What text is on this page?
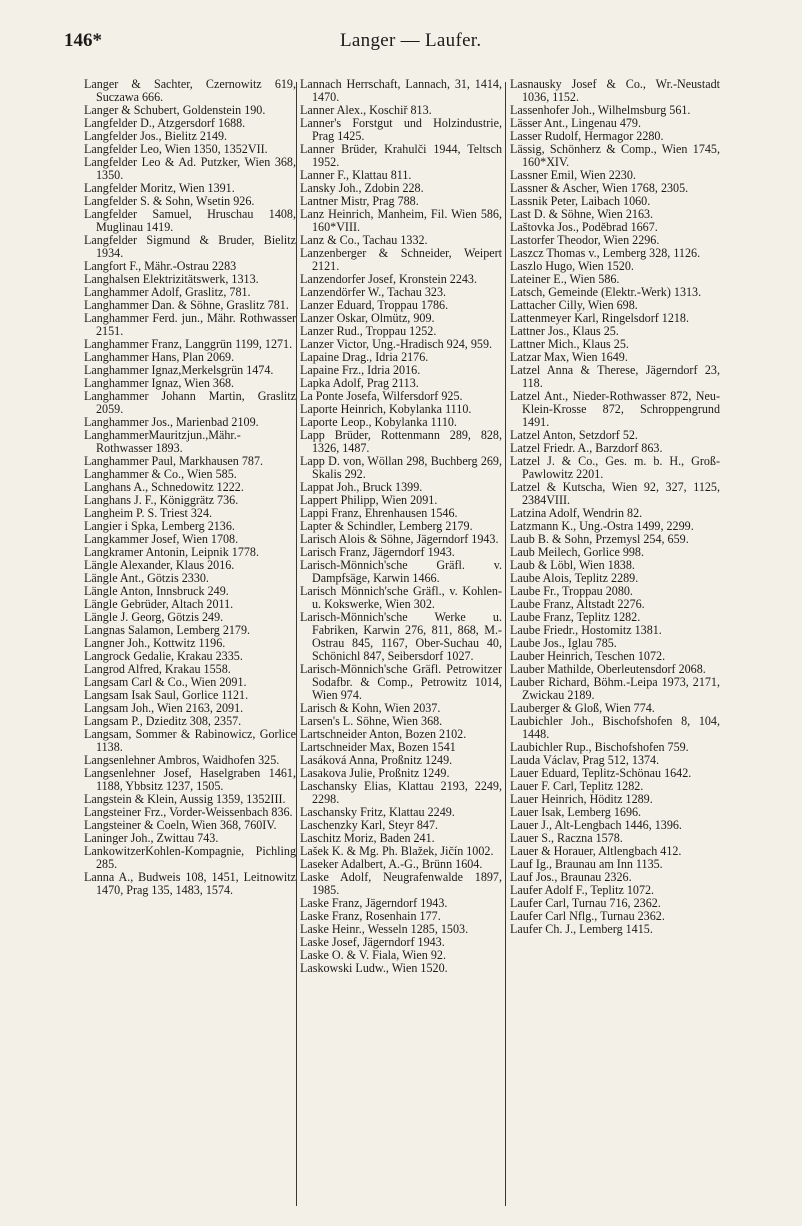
146*	Langer — Laufer.
Langer & Sachter, Czernowitz 619, Suczawa 666.
Langer & Schubert, Goldenstein 190.
Langfelder D., Atzgersdorf 1688.
Langfelder Jos., Bielitz 2149.
Langfelder Leo, Wien 1350, 1352VII.
Langfelder Leo & Ad. Putzker, Wien 368, 1350.
Langfelder Moritz, Wien 1391.
Langfelder S. & Sohn, Wsetin 926.
Langfelder Samuel, Hruschau 1408, Muglinau 1419.
Langfelder Sigmund & Bruder, Bielitz 1934.
Langfort F., Mähr.-Ostrau 2283
Langhalsen Elektrizitätswerk, 1313.
Langhammer Adolf, Graslitz, 781.
Langhammer Dan. & Söhne, Graslitz 781.
Langhammer Ferd. jun., Mähr. Rothwasser 2151.
Langhammer Franz, Langgrün 1199, 1271.
Langhammer Hans, Plan 2069.
Langhammer Ignaz,Merkelsgrün 1474.
Langhammer Ignaz, Wien 368.
Langhammer Johann Martin, Graslitz 2059.
Langhammer Jos., Marienbad 2109.
LanghammerMauritzjun.,Mähr.-Rothwasser 1893.
Langhammer Paul, Markhausen 787.
Langhammer & Co., Wien 585.
Langhans A., Schnedowitz 1222.
Langhans J. F., Königgrätz 736.
Langheim P. S. Triest 324.
Langier i Spka, Lemberg 2136.
Langkammer Josef, Wien 1708.
Langkramer Antonin, Leipnik 1778.
Längle Alexander, Klaus 2016.
Längle Ant., Götzis 2330.
Längle Anton, Innsbruck 249.
Längle Gebrüder, Altach 2011.
Längle J. Georg, Götzis 249.
Langnas Salamon, Lemberg 2179.
Langner Joh., Kottwitz 1196.
Langrock Gedalie, Krakau 2335.
Langrod Alfred, Krakau 1558.
Langsam Carl & Co., Wien 2091.
Langsam Isak Saul, Gorlice 1121.
Langsam Joh., Wien 2163, 2091.
Langsam P., Dzieditz 308, 2357.
Langsam, Sommer & Rabinowicz, Gorlice 1138.
Langsenlehner Ambros, Waidhofen 325.
Langsenlehner Josef, Haselgraben 1461, 1188, Ybbsitz 1237, 1505.
Langstein & Klein, Aussig 1359, 1352III.
Langsteiner Frz., Vorder-Weissenbach 836.
Langsteiner & Coeln, Wien 368, 760IV.
Laninger Joh., Zwittau 743.
LankowitzerKohlen-Kompagnie, Pichling 285.
Lanna A., Budweis 108, 1451, Leitnowitz 1470, Prag 135, 1483, 1574.
Lannach Herrschaft, Lannach, 31, 1414, 1470.
Lanner Alex., Koschiř 813.
Lanner's Forstgut und Holzindustrie, Prag 1425.
Lanner Brüder, Krahulči 1944, Teltsch 1952.
Lanner F., Klattau 811.
Lansky Joh., Zdobin 228.
Lantner Mistr, Prag 788.
Lanz Heinrich, Manheim, Fil. Wien 586, 160*VIII.
Lanz & Co., Tachau 1332.
Lanzenberger & Schneider, Weipert 2121.
Lanzendorfer Josef, Kronstein 2243.
Lanzendörfer W., Tachau 323.
Lanzer Eduard, Troppau 1786.
Lanzer Oskar, Olmütz, 909.
Lanzer Rud., Troppau 1252.
Lanzer Victor, Ung.-Hradisch 924, 959.
Lapaine Drag., Idria 2176.
Lapaine Frz., Idria 2016.
Lapka Adolf, Prag 2113.
La Ponte Josefa, Wilfersdorf 925.
Laporte Heinrich, Kobylanka 1110.
Laporte Leop., Kobylanka 1110.
Lapp Brüder, Rottenmann 289, 828, 1326, 1487.
Lapp D. von, Wöllan 298, Buchberg 269, Skalis 292.
Lappat Joh., Bruck 1399.
Lappert Philipp, Wien 2091.
Lappi Franz, Ehrenhausen 1546.
Lapter & Schindler, Lemberg 2179.
Larisch Alois & Söhne, Jägerndorf 1943.
Larisch Franz, Jägerndorf 1943.
Larisch-Mönnich'sche Gräfl. v. Dampfsäge, Karwin 1466.
Larisch Mönnich'sche Gräfl., v. Kohlen- u. Kokswerke, Wien 302.
Larisch-Mönnich'sche Werke u. Fabriken, Karwin 276, 811, 868, M.-Ostrau 845, 1167, Ober-Suchau 40, Schönichl 847, Seibersdorf 1027.
Larisch-Mönnich'sche Gräfl. Petrowitzer Sodafbr. & Comp., Petrowitz 1014, Wien 974.
Larisch & Kohn, Wien 2037.
Larsen's L. Söhne, Wien 368.
Lartschneider Anton, Bozen 2102.
Lartschneider Max, Bozen 1541
Lasáková Anna, Proßnitz 1249.
Lasakova Julie, Proßnitz 1249.
Laschansky Elias, Klattau 2193, 2249, 2298.
Laschansky Fritz, Klattau 2249.
Laschenzky Karl, Steyr 847.
Laschitz Moriz, Baden 241.
Lašek K. & Mg. Ph. Blažek, Jičín 1002.
Laseker Adalbert, A.-G., Brünn 1604.
Laske Adolf, Neugrafenwalde 1897, 1985.
Laske Franz, Jägerndorf 1943.
Laske Franz, Rosenhain 177.
Laske Heinr., Wesseln 1285, 1503.
Laske Josef, Jägerndorf 1943.
Laske O. & V. Fiala, Wien 92.
Laskowski Ludw., Wien 1520.
Lasnausky Josef & Co., Wr.-Neustadt 1036, 1152.
Lassenhofer Joh., Wilhelmsburg 561.
Lässer Ant., Lingenau 479.
Lasser Rudolf, Hermagor 2280.
Lässig, Schönherz & Comp., Wien 1745, 160*XIV.
Lassner Emil, Wien 2230.
Lassner & Ascher, Wien 1768, 2305.
Lassnik Peter, Laibach 1060.
Last D. & Söhne, Wien 2163.
Laštovka Jos., Poděbrad 1667.
Lastorfer Theodor, Wien 2296.
Laszcz Thomas v., Lemberg 328, 1126.
Laszlo Hugo, Wien 1520.
Lateiner E., Wien 586.
Latsch, Gemeinde (Elektr.-Werk) 1313.
Lattacher Cilly, Wien 698.
Lattenmeyer Karl, Ringelsdorf 1218.
Lattner Jos., Klaus 25.
Lattner Mich., Klaus 25.
Latzar Max, Wien 1649.
Latzel Anna & Therese, Jägerndorf 23, 118.
Latzel Ant., Nieder-Rothwasser 872, Neu-Klein-Krosse 872, Schroppengrund 1491.
Latzel Anton, Setzdorf 52.
Latzel Friedr. A., Barzdorf 863.
Latzel J. & Co., Ges. m. b. H., Groß-Pawlowitz 2201.
Latzel & Kutscha, Wien 92, 327, 1125, 2384VIII.
Latzina Adolf, Wendrin 82.
Latzmann K., Ung.-Ostra 1499, 2299.
Laub B. & Sohn, Przemysl 254, 659.
Laub Meilech, Gorlice 998.
Laub & Löbl, Wien 1838.
Laube Alois, Teplitz 2289.
Laube Fr., Troppau 2080.
Laube Franz, Altstadt 2276.
Laube Franz, Teplitz 1282.
Laube Friedr., Hostomitz 1381.
Laube Jos., Iglau 785.
Lauber Heinrich, Teschen 1072.
Lauber Mathilde, Oberleutensdorf 2068.
Lauber Richard, Böhm.-Leipa 1973, 2171, Zwickau 2189.
Lauberger & Gloß, Wien 774.
Laubichler Joh., Bischofshofen 8, 104, 1448.
Laubichler Rup., Bischofshofen 759.
Lauda Václav, Prag 512, 1374.
Lauer Eduard, Teplitz-Schönau 1642.
Lauer F. Carl, Teplitz 1282.
Lauer Heinrich, Höditz 1289.
Lauer Isak, Lemberg 1696.
Lauer J., Alt-Lengbach 1446, 1396.
Lauer S., Raczna 1578.
Lauer & Horauer, Altlengbach 412.
Lauf Ig., Braunau am Inn 1135.
Lauf Jos., Braunau 2326.
Laufer Adolf F., Teplitz 1072.
Laufer Carl, Turnau 716, 2362.
Laufer Carl Nflg., Turnau 2362.
Laufer Ch. J., Lemberg 1415.
